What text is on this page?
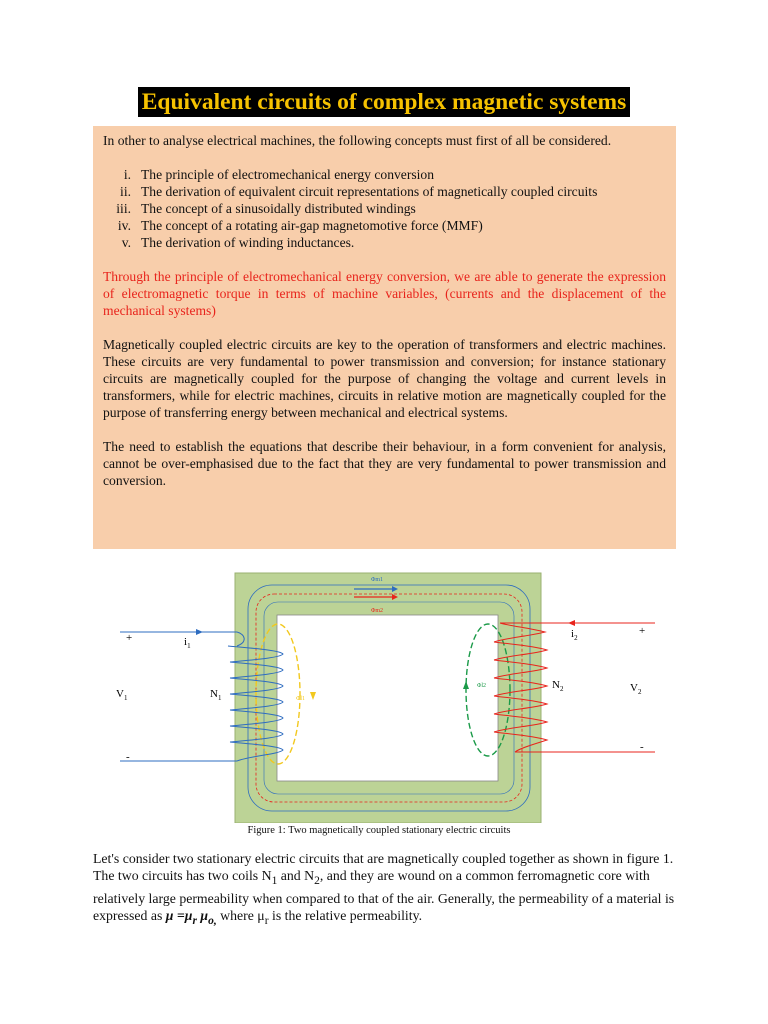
Equivalent circuits of complex magnetic systems

In other to analyse electrical machines, the following concepts must first of all be considered.

i. The principle of electromechanical energy conversion
ii. The derivation of equivalent circuit representations of magnetically coupled circuits
iii. The concept of a sinusoidally distributed windings
iv. The concept of a rotating air-gap magnetomotive force (MMF)
v. The derivation of winding inductances.

Through the principle of electromechanical energy conversion, we are able to generate the expression of electromagnetic torque in terms of machine variables, (currents and the displacement of the mechanical systems)

Magnetically coupled electric circuits are key to the operation of transformers and electric machines. These circuits are very fundamental to power transmission and conversion; for instance stationary circuits are magnetically coupled for the purpose of changing the voltage and current levels in transformers, while for electric machines, circuits in relative motion are magnetically coupled for the purpose of transferring energy between mechanical and electrical systems.

The need to establish the equations that describe their behaviour, in a form convenient for analysis, cannot be over-emphasised due to the fact that they are very fundamental to power transmission and conversion.

Φm1
Φm2
Φl1
Φl2
+
-
+
-
$i_1$
$i_2$
$V_1$
$V_2$
$N_1$
$N_2$
Figure 1: Two magnetically coupled stationary electric circuits

Let's consider two stationary electric circuits that are magnetically coupled together as shown in figure 1. The two circuits has two coils $N_1$ and $N_2$, and they are wound on a common ferromagnetic core with relatively large permeability when compared to that of the air. Generally, the permeability of a material is expressed as $\mu =\mu_r$ $\mu_{o,}$ where $\mu_r$ is the relative permeability.
